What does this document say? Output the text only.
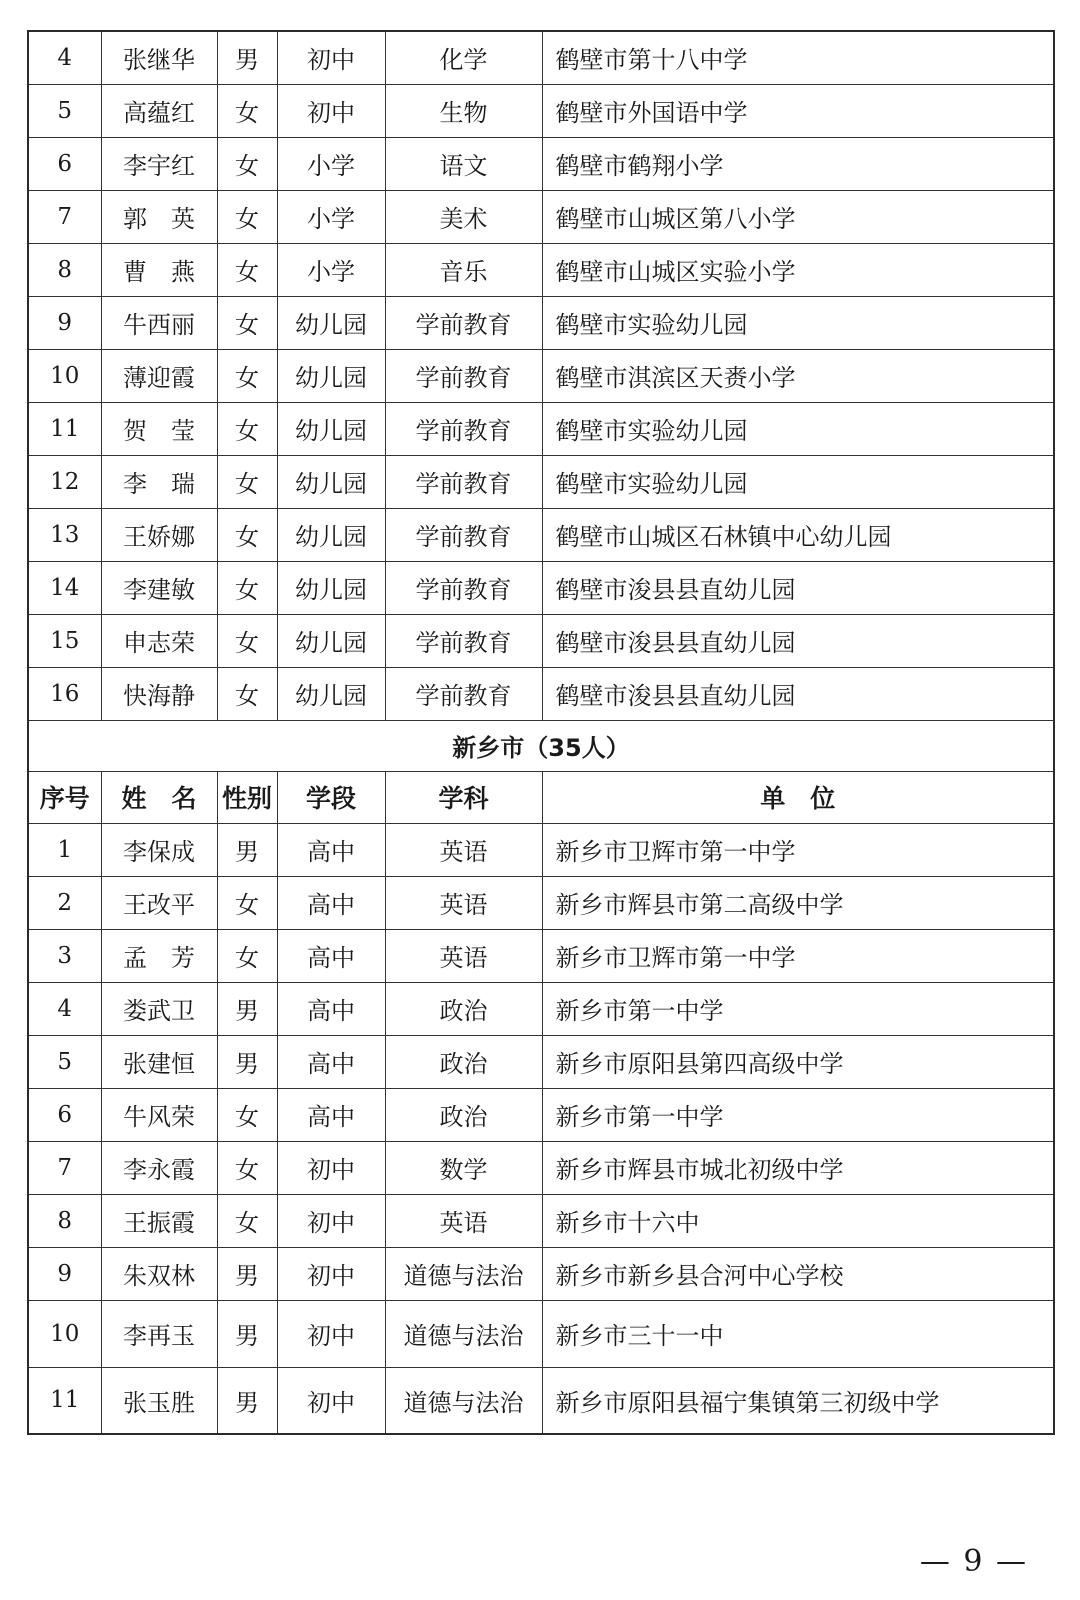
4	张继华	男	初中	化学	鹤壁市第十八中学
5	高蕴红	女	初中	生物	鹤壁市外国语中学
6	李宇红	女	小学	语文	鹤壁市鹤翔小学
7	郭　英	女	小学	美术	鹤壁市山城区第八小学
8	曹　燕	女	小学	音乐	鹤壁市山城区实验小学
9	牛西丽	女	幼儿园	学前教育	鹤壁市实验幼儿园
10	薄迎霞	女	幼儿园	学前教育	鹤壁市淇滨区天赉小学
11	贺　莹	女	幼儿园	学前教育	鹤壁市实验幼儿园
12	李　瑞	女	幼儿园	学前教育	鹤壁市实验幼儿园
13	王娇娜	女	幼儿园	学前教育	鹤壁市山城区石林镇中心幼儿园
14	李建敏	女	幼儿园	学前教育	鹤壁市浚县县直幼儿园
15	申志荣	女	幼儿园	学前教育	鹤壁市浚县县直幼儿园
16	快海静	女	幼儿园	学前教育	鹤壁市浚县县直幼儿园
新乡市（35人）					
序号	姓　名	性别	学段	学科	单　位
1	李保成	男	高中	英语	新乡市卫辉市第一中学
2	王改平	女	高中	英语	新乡市辉县市第二高级中学
3	孟　芳	女	高中	英语	新乡市卫辉市第一中学
4	娄武卫	男	高中	政治	新乡市第一中学
5	张建恒	男	高中	政治	新乡市原阳县第四高级中学
6	牛风荣	女	高中	政治	新乡市第一中学
7	李永霞	女	初中	数学	新乡市辉县市城北初级中学
8	王振霞	女	初中	英语	新乡市十六中
9	朱双林	男	初中	道德与法治	新乡市新乡县合河中心学校
10	李再玉	男	初中	道德与法治	新乡市三十一中
11	张玉胜	男	初中	道德与法治	新乡市原阳县福宁集镇第三初级中学
— 9 —
